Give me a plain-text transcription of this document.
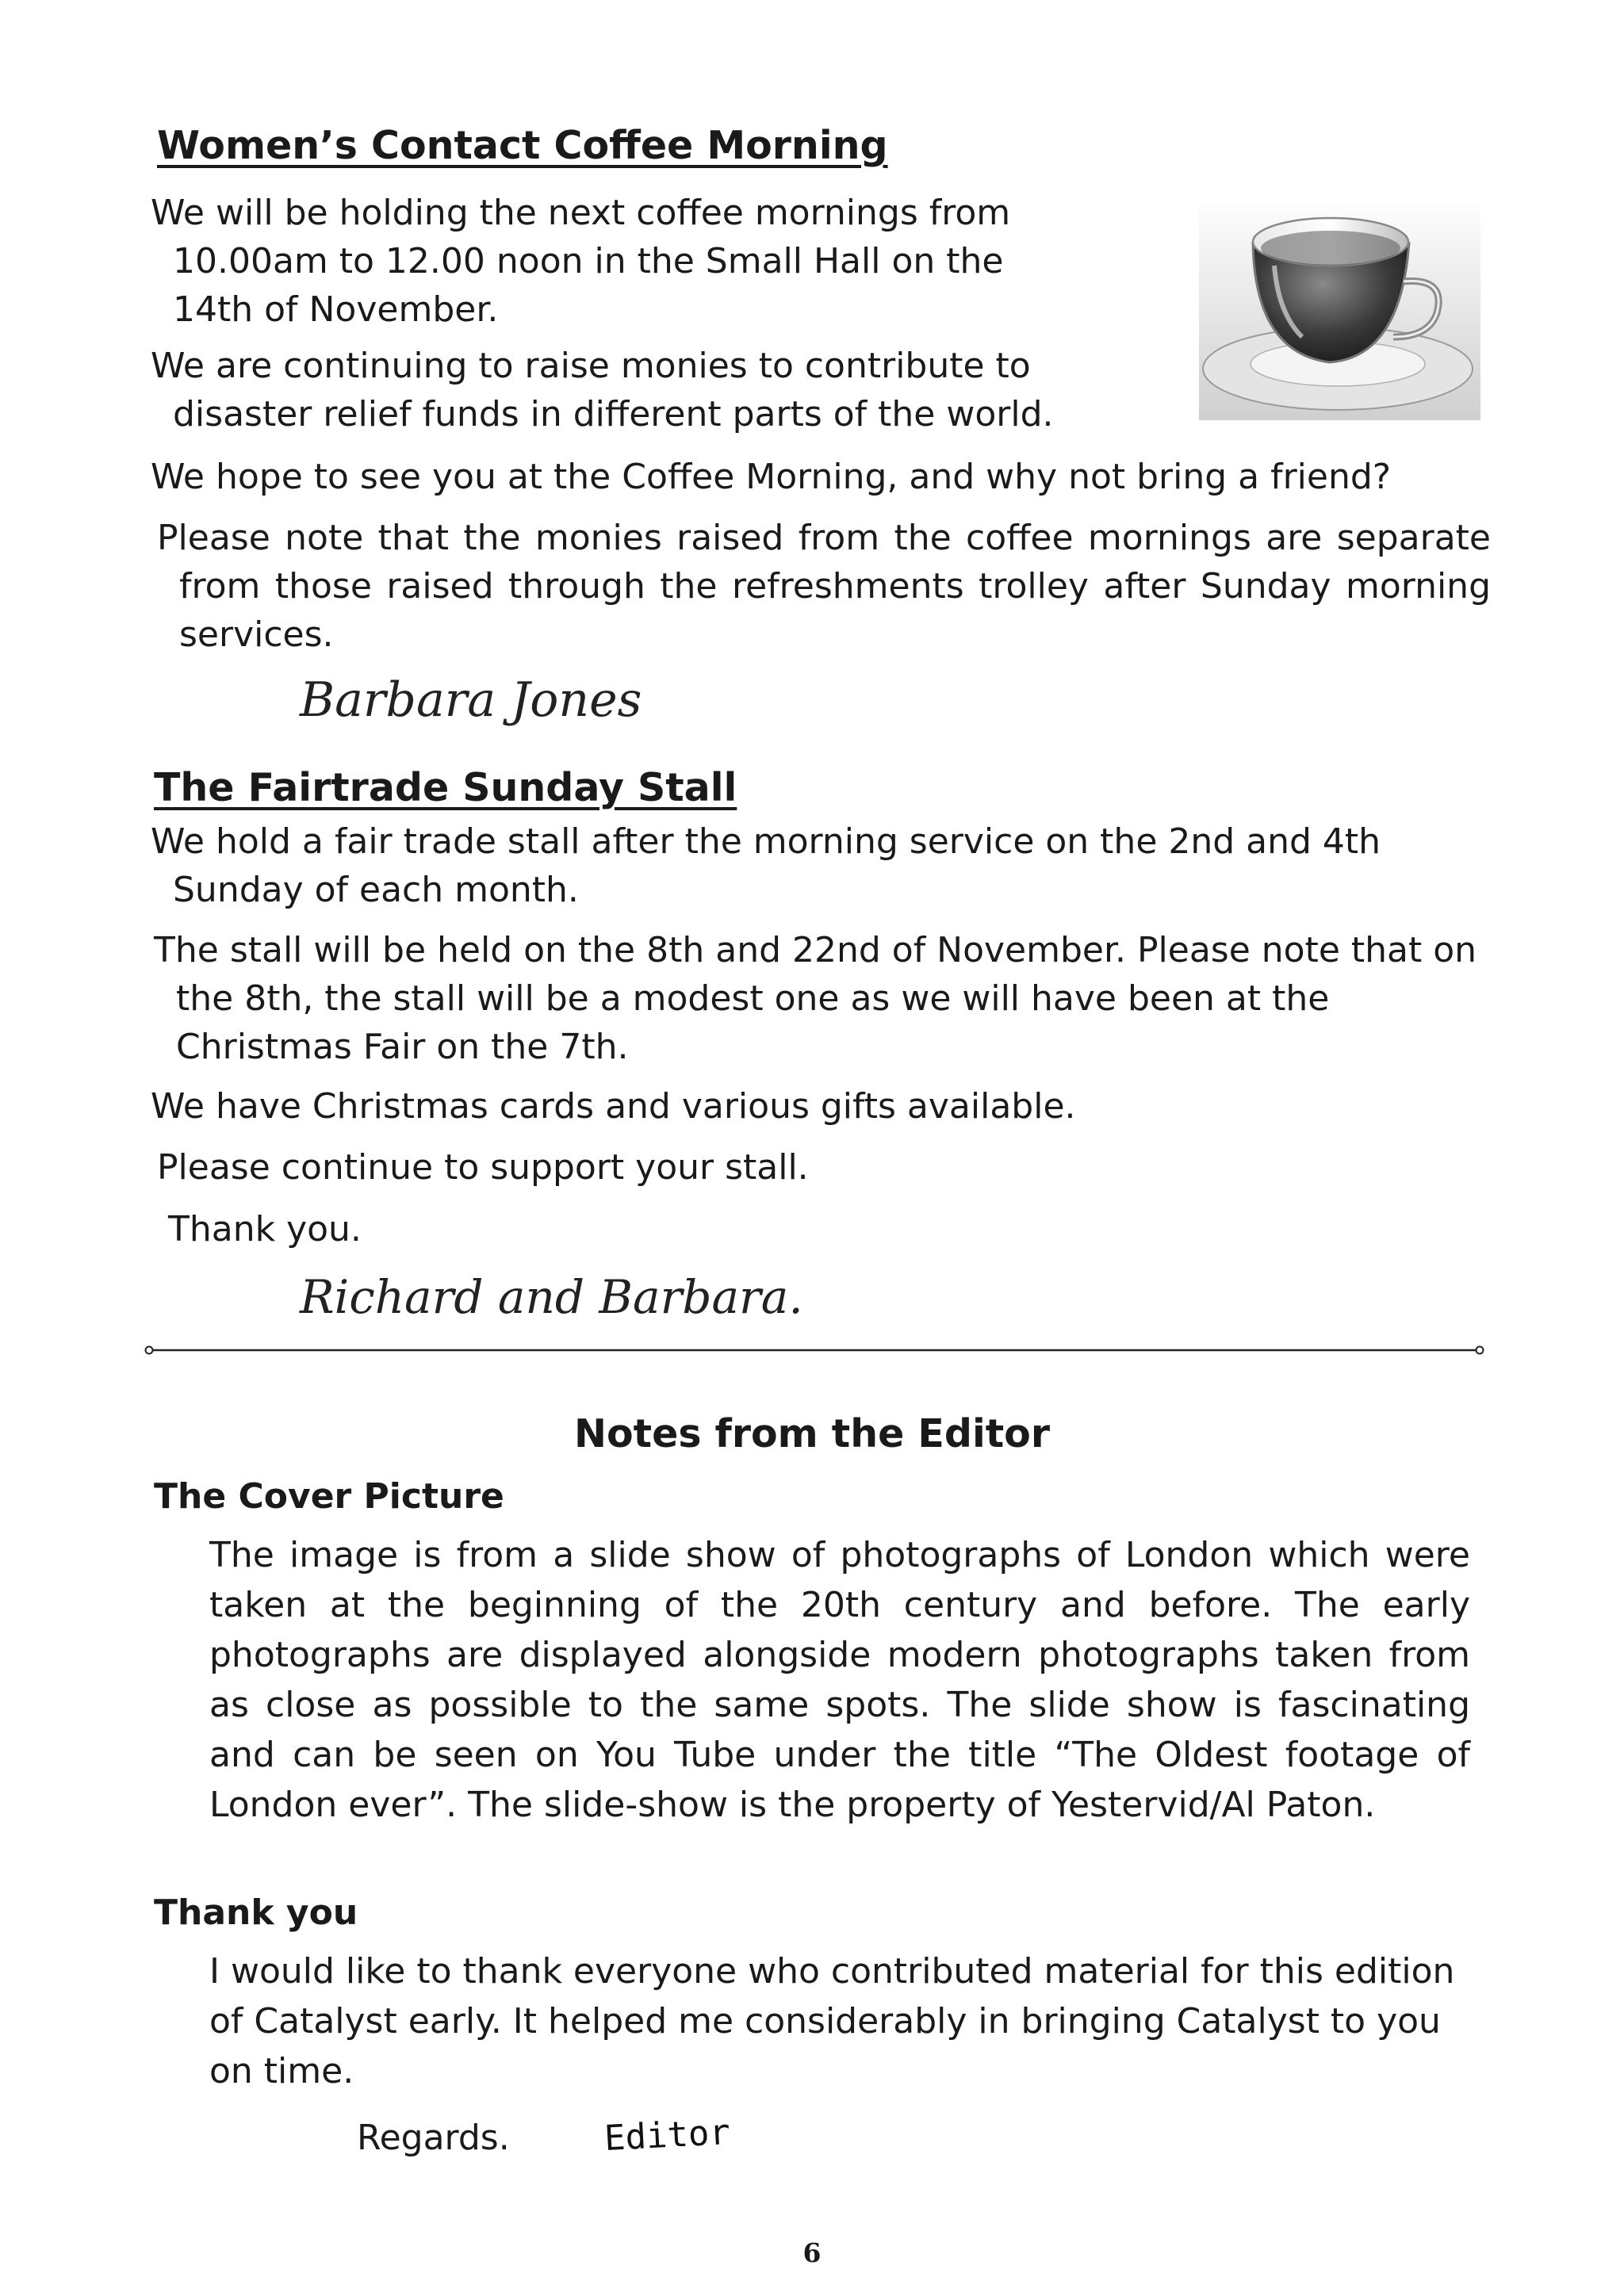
Women’s Contact Coffee Morning

We will be holding the next coffee mornings from 10.00am to 12.00 noon in the Small Hall on the 14th of November.

We are continuing to raise monies to contribute to disaster relief funds in different parts of the world.

We hope to see you at the Coffee Morning, and why not bring a friend?

Please note that the monies raised from the coffee mornings are separate from those raised through the refreshments trolley after Sunday morning services.

Barbara Jones

The Fairtrade Sunday Stall

We hold a fair trade stall after the morning service on the 2nd and 4th Sunday of each month.

The stall will be held on the 8th and 22nd of November. Please note that on the 8th, the stall will be a modest one as we will have been at the Christmas Fair on the 7th.

We have Christmas cards and various gifts available.

Please continue to support your stall.

Thank you.

Richard and Barbara.

Notes from the Editor
The Cover Picture

The image is from a slide show of photographs of London which were taken at the beginning of the 20th century and before. The early photographs are displayed alongside modern photographs taken from as close as possible to the same spots. The slide show is fascinating and can be seen on You Tube under the title “The Oldest footage of London ever”. The slide-show is the property of Yestervid/Al Paton.

Thank you

I would like to thank everyone who contributed material for this edition of Catalyst early. It helped me considerably in bringing Catalyst to you on time.

Regards.	Editor

6
